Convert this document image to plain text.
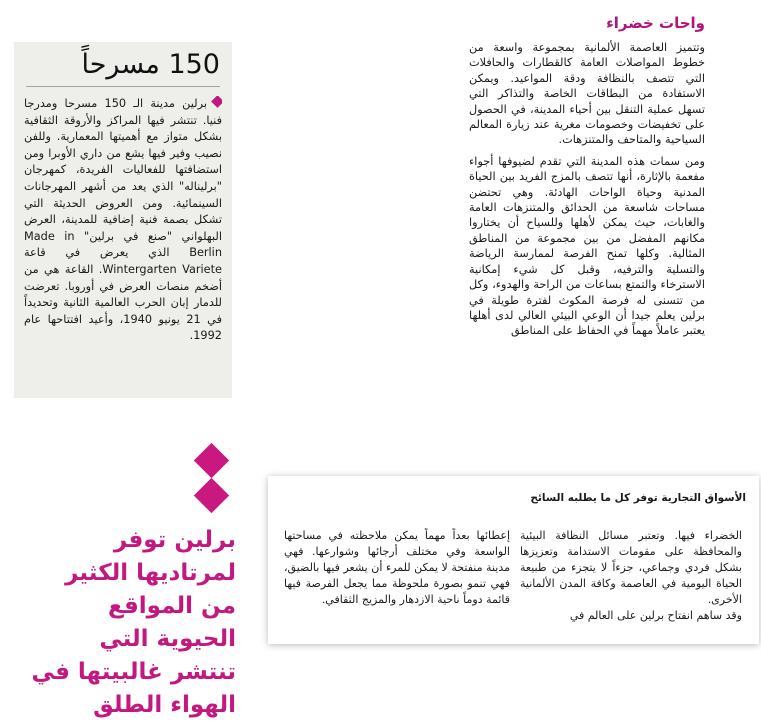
واحات خضراء

وتتميز العاصمة الألمانية بمجموعة واسعة من خطوط المواصلات العامة كالقطارات والحافلات التي تتصف بالنظافة ودقة المواعيد. ويمكن الاستفادة من البطاقات الخاصة والتذاكر التي تسهل عملية التنقل بين أحياء المدينة، في الحصول على تخفيضات وخصومات مغرية عند زيارة المعالم السياحية والمتاحف والمتنزهات.

ومن سمات هذه المدينة التي تقدم لضيوفها أجواء مفعمة بالإثارة، أنها تتصف بالمزج الفريد بين الحياة المدنية وحياة الواحات الهادئة. وهي تحتضن مساحات شاسعة من الحدائق والمتنزهات العامة والغابات، حيث يمكن لأهلها وللسياح أن يختاروا مكانهم المفضل من بين مجموعة من المناطق المثالية. وكلها تمنح الفرصة لممارسة الرياضة والتسلية والترفيه، وقبل كل شيء إمكانية الاسترخاء والتمتع بساعات من الراحة والهدوء، وكل من تتسنى له فرصة المكوث لفترة طويلة في برلين يعلم جيدا أن الوعي البيئي العالي لدى أهلها يعتبر عاملاً مهماً في الحفاظ على المناطق

150 مسرحاً
برلين مدينة الـ 150 مسرحا ومدرجا فنيا. تنتشر فيها المراكز والأروقة الثقافية بشكل متواز مع أهميتها المعمارية. وللفن نصيب وفير فيها يشع من داري الأوبرا ومن استضافتها للفعاليات الفريدة، كمهرجان "برليناله" الذي يعد من أشهر المهرجانات السينمائية. ومن العروض الحديثة التي تشكل بصمة فنية إضافية للمدينة، العرض البهلواني "صنع في برلين" Made in Berlin الذي يعرض في قاعة Wintergarten Variete. القاعة هي من أضخم منصات العرض في أوروبا. تعرضت للدمار إبان الحرب العالمية الثانية وتحديداً في 21 يونيو 1940، وأعيد افتتاحها عام 1992.
برلين توفر لمرتاديها الكثير من المواقع الحيوية التي تنتشر غالبيتها في الهواء الطلق
الأسواق التجارية توفر كل ما يطلبه السائح

الخضراء فيها. وتعتبر مسائل النظافة البيئية والمحافظة على مقومات الاستدامة وتعزيزها بشكل فردي وجماعي، جزءاً لا يتجزء من طبيعة الحياة اليومية في العاصمة وكافة المدن الألمانية الأخرى.

وقد ساهم انفتاح برلين على العالم في

إعطائها بعداً مهماً يمكن ملاحظته في مساحتها الواسعة وفي مختلف أرجائها وشوارعها. فهي مدينة منفتحة لا يمكن للمرء أن يشعر فيها بالضيق، فهي تنمو بصورة ملحوظة مما يجعل الفرصة فيها قائمة دوماً ناحية الازدهار والمزيج الثقافي.
